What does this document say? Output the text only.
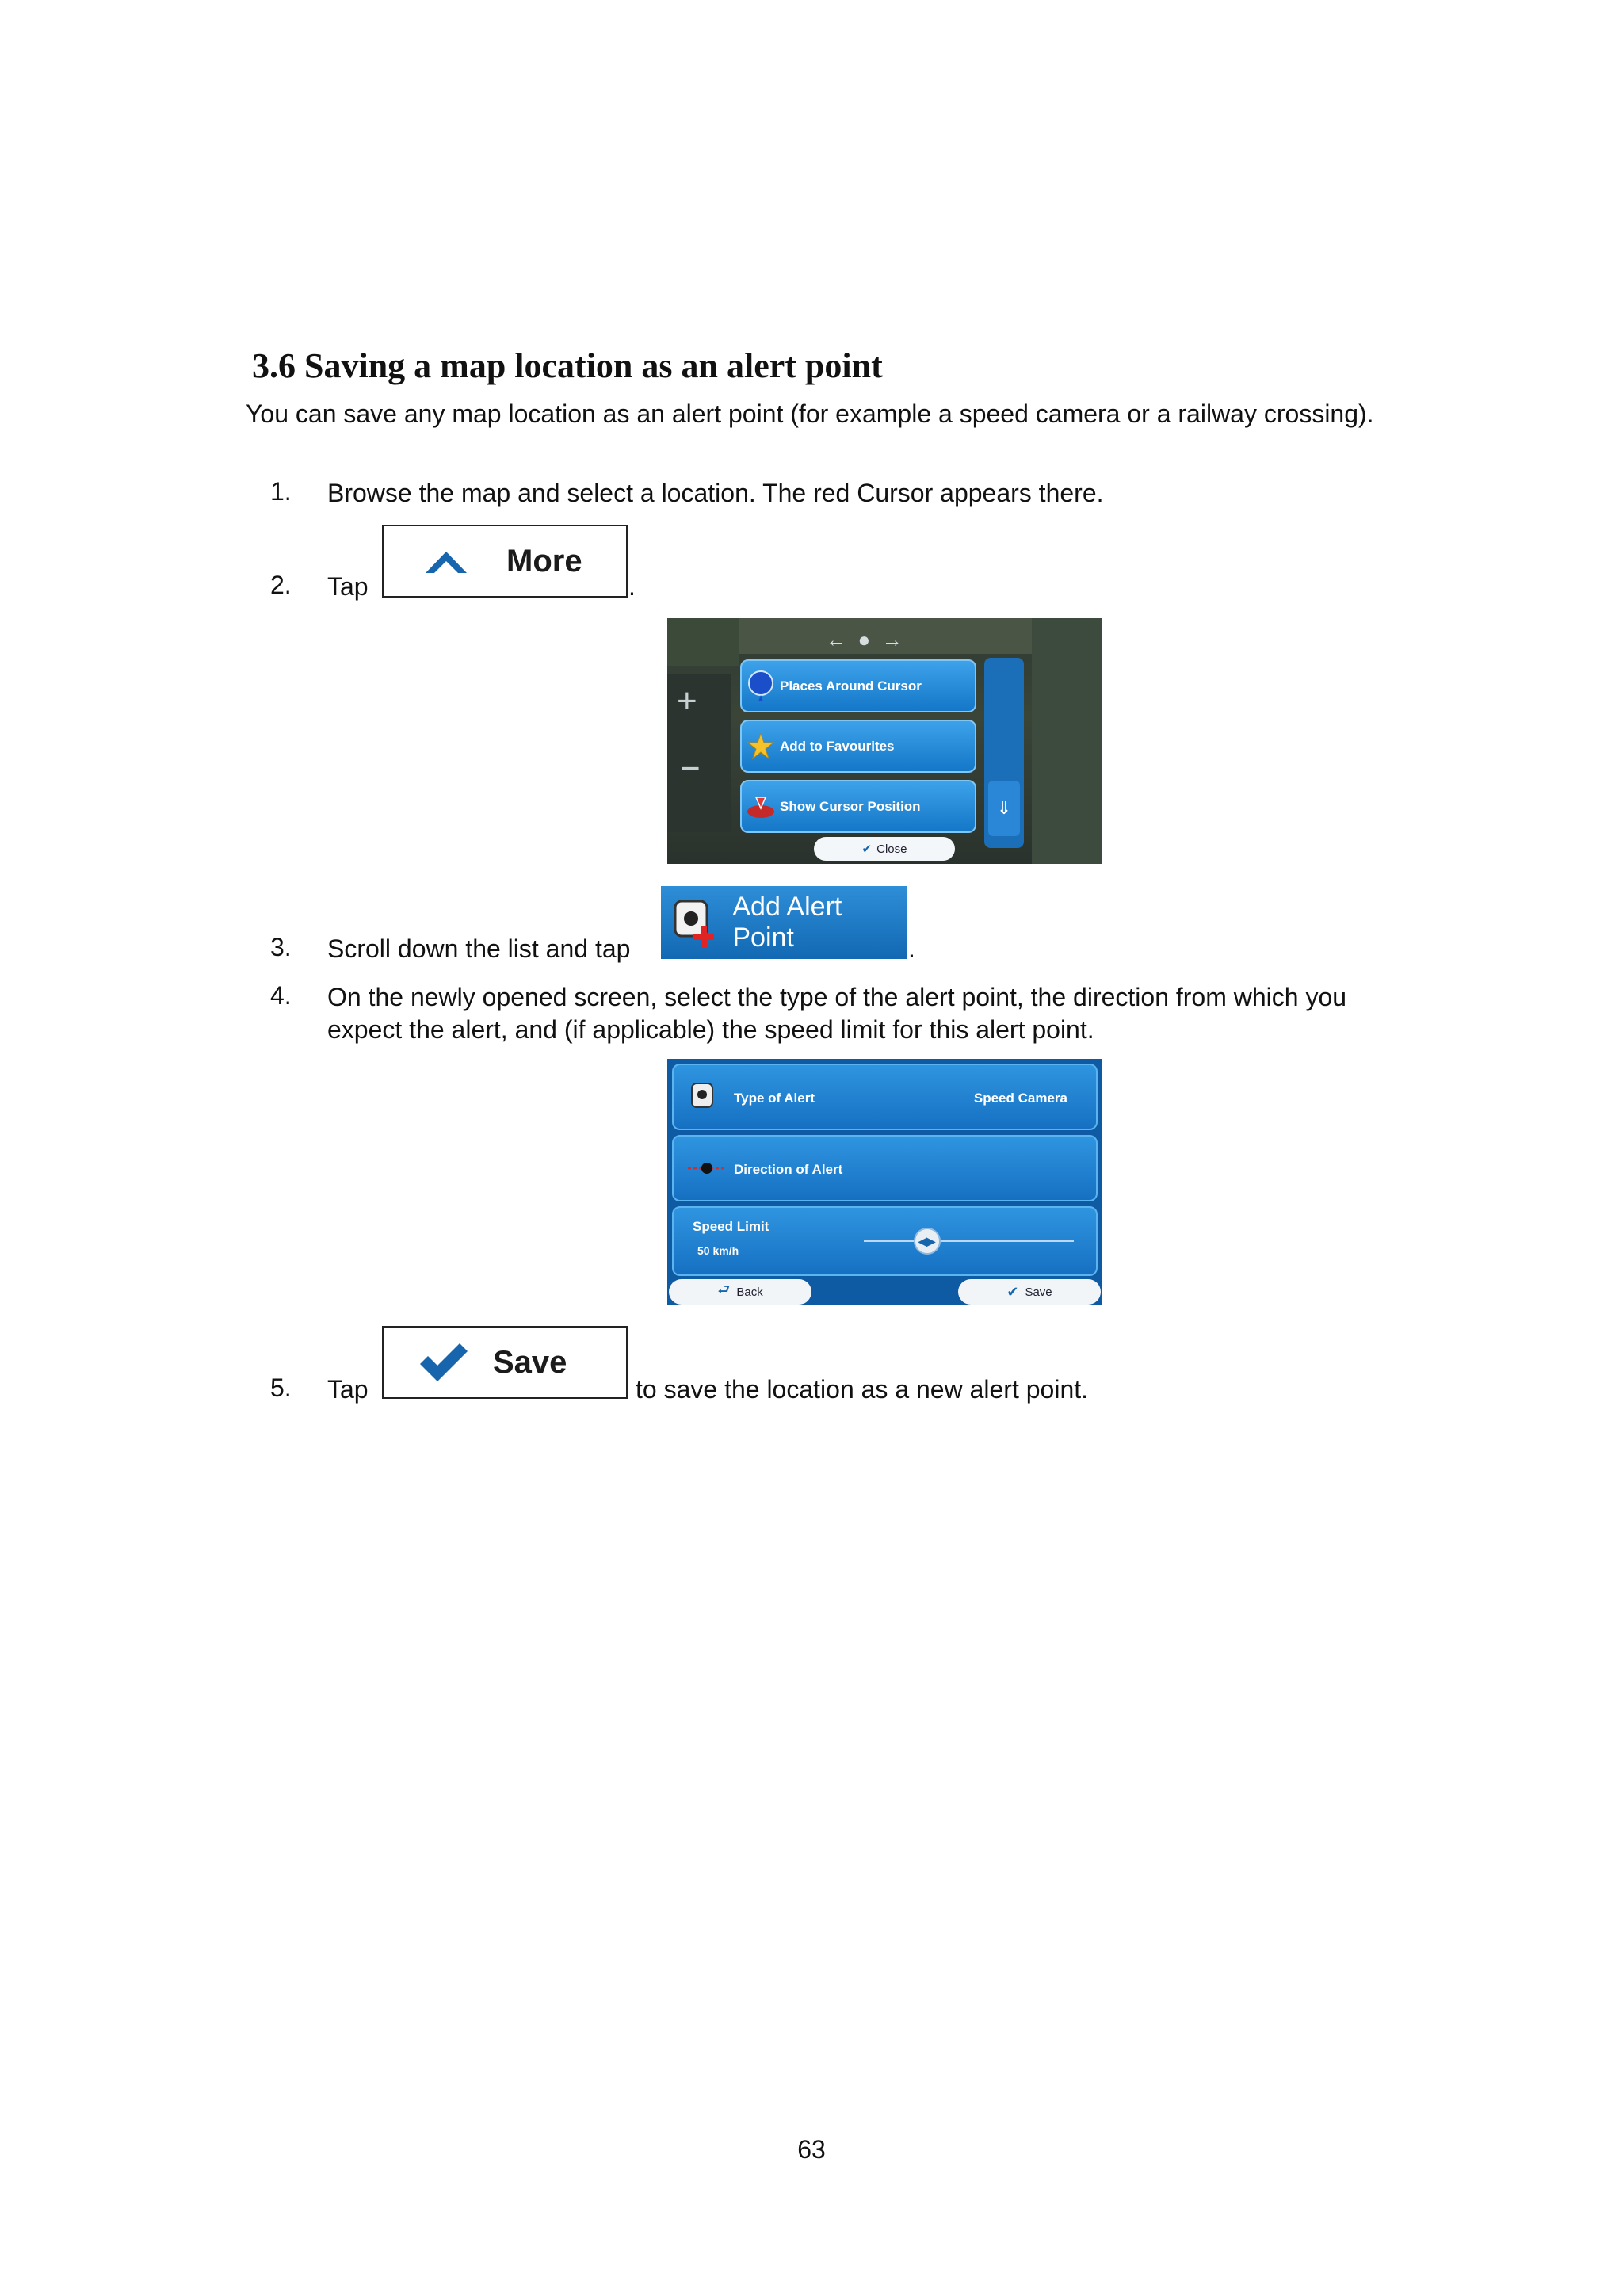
3.6 Saving a map location as an alert point
You can save any map location as an alert point (for example a speed camera or a railway crossing).
1. Browse the map and select a location. The red Cursor appears there.
2. Tap
More
.
←  ●  →
+
−
Places Around Cursor
Add to Favourites
Show Cursor Position	⇓
✔ Close
3. Scroll down the list and tap
Add Alert Point	.
4. On the newly opened screen, select the type of the alert point, the direction from which you expect the alert, and (if applicable) the speed limit for this alert point.
Type of Alert	Speed Camera
Direction of Alert
Speed Limit
50 km/h
◀▶
⮐ Back	✔ Save
5. Tap
Save
to save the location as a new alert point.
63
